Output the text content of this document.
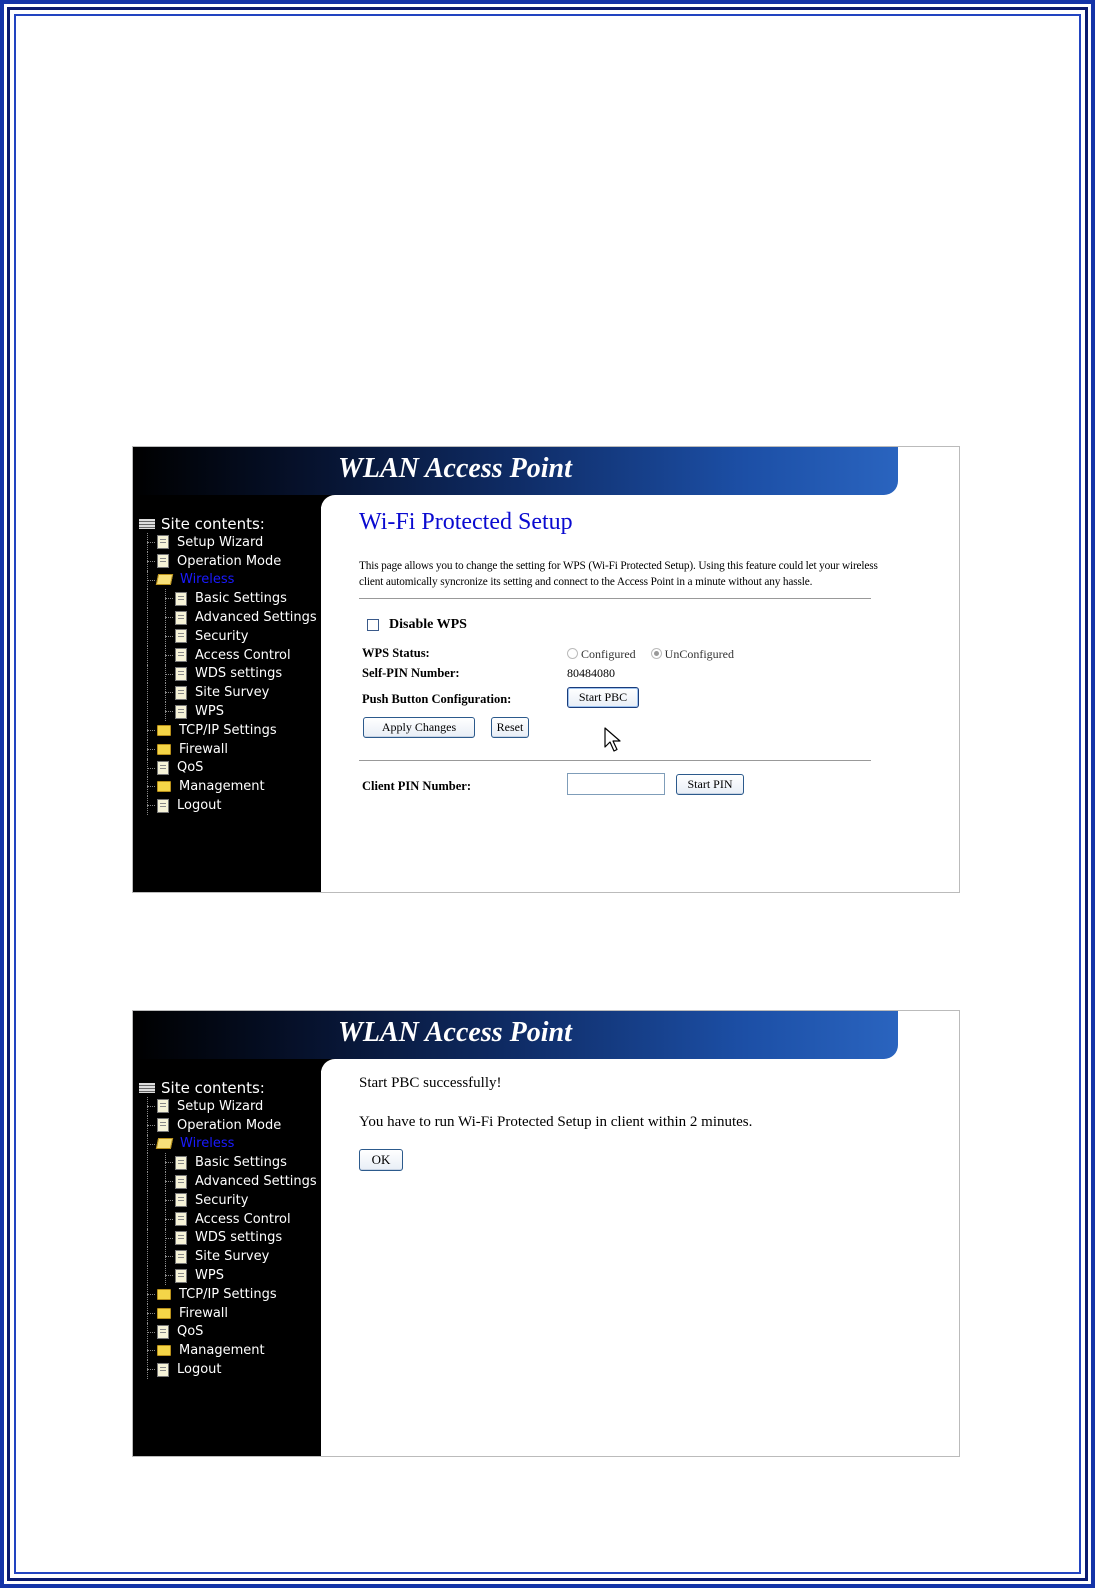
WLAN Access Point
Site contents:
Setup Wizard
Operation Mode
Wireless
Basic Settings
Advanced Settings
Security
Access Control
WDS settings
Site Survey
WPS
TCP/IP Settings
Firewall
QoS
Management
Logout
Wi-Fi Protected Setup
This page allows you to change the setting for WPS (Wi-Fi Protected Setup). Using this feature could let your wireless client automically syncronize its setting and connect to the Access Point in a minute without any hassle.
Disable WPS
WPS Status:	Configured UnConfigured
Self-PIN Number:	80484080
Push Button Configuration:	Start PBC
Apply Changes	Reset
Client PIN Number:	Start PIN
WLAN Access Point
Site contents:
Setup Wizard
Operation Mode
Wireless
Basic Settings
Advanced Settings
Security
Access Control
WDS settings
Site Survey
WPS
TCP/IP Settings
Firewall
QoS
Management
Logout
Start PBC successfully!
You have to run Wi-Fi Protected Setup in client within 2 minutes.
OK
